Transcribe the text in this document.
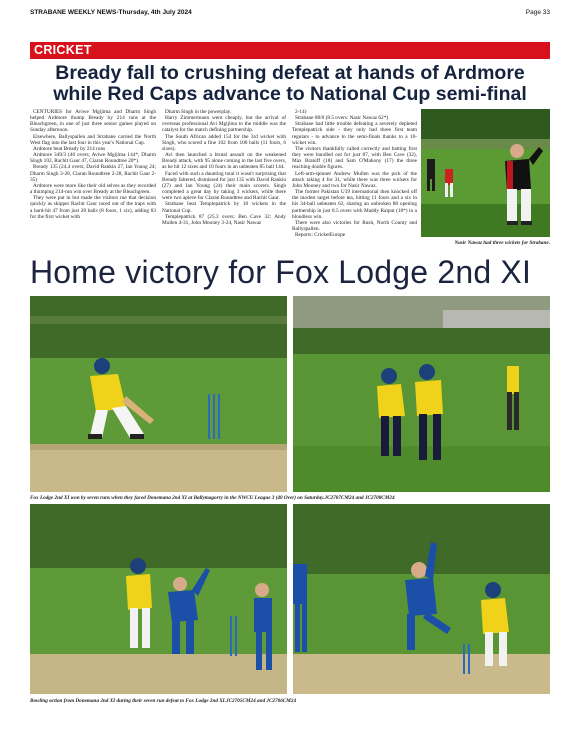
STRABANE WEEKLY NEWS-Thursday, 4th July 2024	Page 33
CRICKET
Bready fall to crushing defeat at hands of Ardmore
while Red Caps advance to National Cup semi-final

CENTURIES for Aviwe Mgijima and Dharm Singh helped Ardmore thump Bready by 214 runs at the Bleachgreen, in one of just three senior games played on Sunday afternoon.

Elsewhere, Ballyspallen and Strabane carried the North West flag into the last four in this year's National Cup.

Ardmore beat Bready by 214 runs

Ardmore 349/3 (40 overs; Aviwe Mgijima 144*, Dharm Singh 102, Rachit Gaur 47, Ciaran Roundtree 20*).

Bready 135 (24.4 overs; David Rankin 27, Ian Young 24; Dharm Singh 3-28, Ciaran Roundtree 2-28, Rachit Gaur 2-35)

Ardmore were more like their old selves as they recorded a thumping 214-run win over Bready at the Bleachgreen.

They were put in but made the visitors rue that decision quickly as skipper Rachit Gaur raced out of the traps with a hard-hit 47 from just 28 balls (8 fours, 1 six), adding 83 for the first wicket with

Dharm Singh in the powerplay.

Harry Zimmermann went cheaply, but the arrival of overseas professional Avi Mgijima to the middle was the catalyst for the match defining partnership.

The South African added 154 for the 3rd wicket with Singh, who scored a fine 102 from 100 balls (11 fours, 6 sixes).

Avi then launched a brutal assault on the weakened Bready attack, with 95 alone coming in the last five overs, as he hit 12 sixes and 10 fours in an unbeaten 85 ball 144.

Faced with such a daunting total it wasn't surprising that Bready faltered, dismissed for just 135 with David Rankin (27) and Ian Young (24) their main scorers. Singh completed a great day by taking 3 wickets, while there were two apiece for Ciaran Roundtree and Rachit Gaur.

Strabane beat Templepatrick by 10 wickets in the National Cup.

Templepatrick 87 (25.3 overs: Ben Cave 32; Andy Mullen 4-31, John Mooney 3-24, Nasir Nawaz

2-14)

Strabane 88/0 (8.5 overs: Nasir Nawaz 62*)

Strabane had little trouble defeating a severely depleted Templepatrick side - they only had three first team regulars - to advance to the semi-finals thanks to a 10-wicket win.

The visitors thankfully called correctly and batting first they were bundled out for just 87, with Ben Cave (32), Max Braniff (18) and Sam O'Mahony (17) the three reaching double figures.

Left-arm-spinner Andrew Mullen was the pick of the attack taking 4 for 31, while there was three wickets for John Mooney and two for Nasir Nawaz.

The former Pakistan U19 international then knocked off the modest target before tea, hitting 11 fours and a six in his 34-ball unbeaten 62, sharing an unbroken 88 opening partnership in just 8.5 overs with Maddy Raiput (18*) in a bloodless win.

There were also victories for Rush, North County and Ballyspallen.

Reports: CricketEurope

Nasir Nawaz had three wickets for Strabane.
Home victory for Fox Lodge 2nd XI
Fox Lodge 2nd XI won by seven runs when they faced Donemana 2nd XI at Ballymagorry in the NWCU League 3 (40 Over) on Saturday.JC2707CM24 and JC2708CM24
Bowling action from Donemana 2nd XI during their seven run defeat to Fox Lodge 2nd XI.JC2705CM24 and JC2706CM24
